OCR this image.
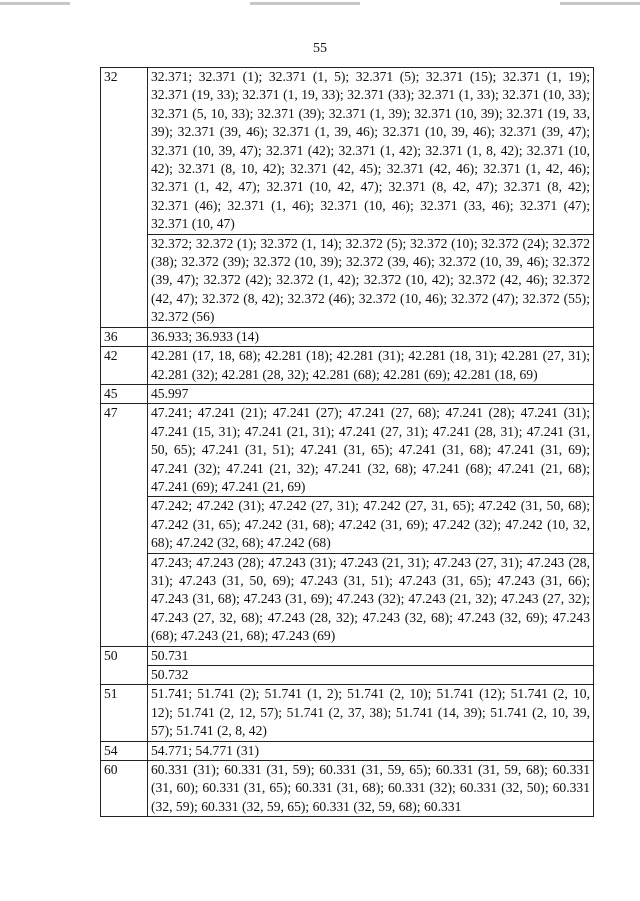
55
32	32.371; 32.371 (1); 32.371 (1, 5); 32.371 (5); 32.371 (15); 32.371 (1, 19); 32.371 (19, 33); 32.371 (1, 19, 33); 32.371 (33); 32.371 (1, 33); 32.371 (10, 33); 32.371 (5, 10, 33); 32.371 (39); 32.371 (1, 39); 32.371 (10, 39); 32.371 (19, 33, 39); 32.371 (39, 46); 32.371 (1, 39, 46); 32.371 (10, 39, 46); 32.371 (39, 47); 32.371 (10, 39, 47); 32.371 (42); 32.371 (1, 42); 32.371 (1, 8, 42); 32.371 (10, 42); 32.371 (8, 10, 42); 32.371 (42, 45); 32.371 (42, 46); 32.371 (1, 42, 46); 32.371 (1, 42, 47); 32.371 (10, 42, 47); 32.371 (8, 42, 47); 32.371 (8, 42); 32.371 (46); 32.371 (1, 46); 32.371 (10, 46); 32.371 (33, 46); 32.371 (47); 32.371 (10, 47)
	32.372; 32.372 (1); 32.372 (1, 14); 32.372 (5); 32.372 (10); 32.372 (24); 32.372 (38); 32.372 (39); 32.372 (10, 39); 32.372 (39, 46); 32.372 (10, 39, 46); 32.372 (39, 47); 32.372 (42); 32.372 (1, 42); 32.372 (10, 42); 32.372 (42, 46); 32.372 (42, 47); 32.372 (8, 42); 32.372 (46); 32.372 (10, 46); 32.372 (47); 32.372 (55); 32.372 (56)
36	36.933; 36.933 (14)
42	42.281 (17, 18, 68); 42.281 (18); 42.281 (31); 42.281 (18, 31); 42.281 (27, 31); 42.281 (32); 42.281 (28, 32); 42.281 (68); 42.281 (69); 42.281 (18, 69)
45	45.997
47	47.241; 47.241 (21); 47.241 (27); 47.241 (27, 68); 47.241 (28); 47.241 (31); 47.241 (15, 31); 47.241 (21, 31); 47.241 (27, 31); 47.241 (28, 31); 47.241 (31, 50, 65); 47.241 (31, 51); 47.241 (31, 65); 47.241 (31, 68); 47.241 (31, 69); 47.241 (32); 47.241 (21, 32); 47.241 (32, 68); 47.241 (68); 47.241 (21, 68); 47.241 (69); 47.241 (21, 69)
	47.242; 47.242 (31); 47.242 (27, 31); 47.242 (27, 31, 65); 47.242 (31, 50, 68); 47.242 (31, 65); 47.242 (31, 68); 47.242 (31, 69); 47.242 (32); 47.242 (10, 32, 68); 47.242 (32, 68); 47.242 (68)
	47.243; 47.243 (28); 47.243 (31); 47.243 (21, 31); 47.243 (27, 31); 47.243 (28, 31); 47.243 (31, 50, 69); 47.243 (31, 51); 47.243 (31, 65); 47.243 (31, 66); 47.243 (31, 68); 47.243 (31, 69); 47.243 (32); 47.243 (21, 32); 47.243 (27, 32); 47.243 (27, 32, 68); 47.243 (28, 32); 47.243 (32, 68); 47.243 (32, 69); 47.243 (68); 47.243 (21, 68); 47.243 (69)
50	50.731
	50.732
51	51.741; 51.741 (2); 51.741 (1, 2); 51.741 (2, 10); 51.741 (12); 51.741 (2, 10, 12); 51.741 (2, 12, 57); 51.741 (2, 37, 38); 51.741 (14, 39); 51.741 (2, 10, 39, 57); 51.741 (2, 8, 42)
54	54.771; 54.771 (31)
60	60.331 (31); 60.331 (31, 59); 60.331 (31, 59, 65); 60.331 (31, 59, 68); 60.331 (31, 60); 60.331 (31, 65); 60.331 (31, 68); 60.331 (32); 60.331 (32, 50); 60.331 (32, 59); 60.331 (32, 59, 65); 60.331 (32, 59, 68); 60.331
